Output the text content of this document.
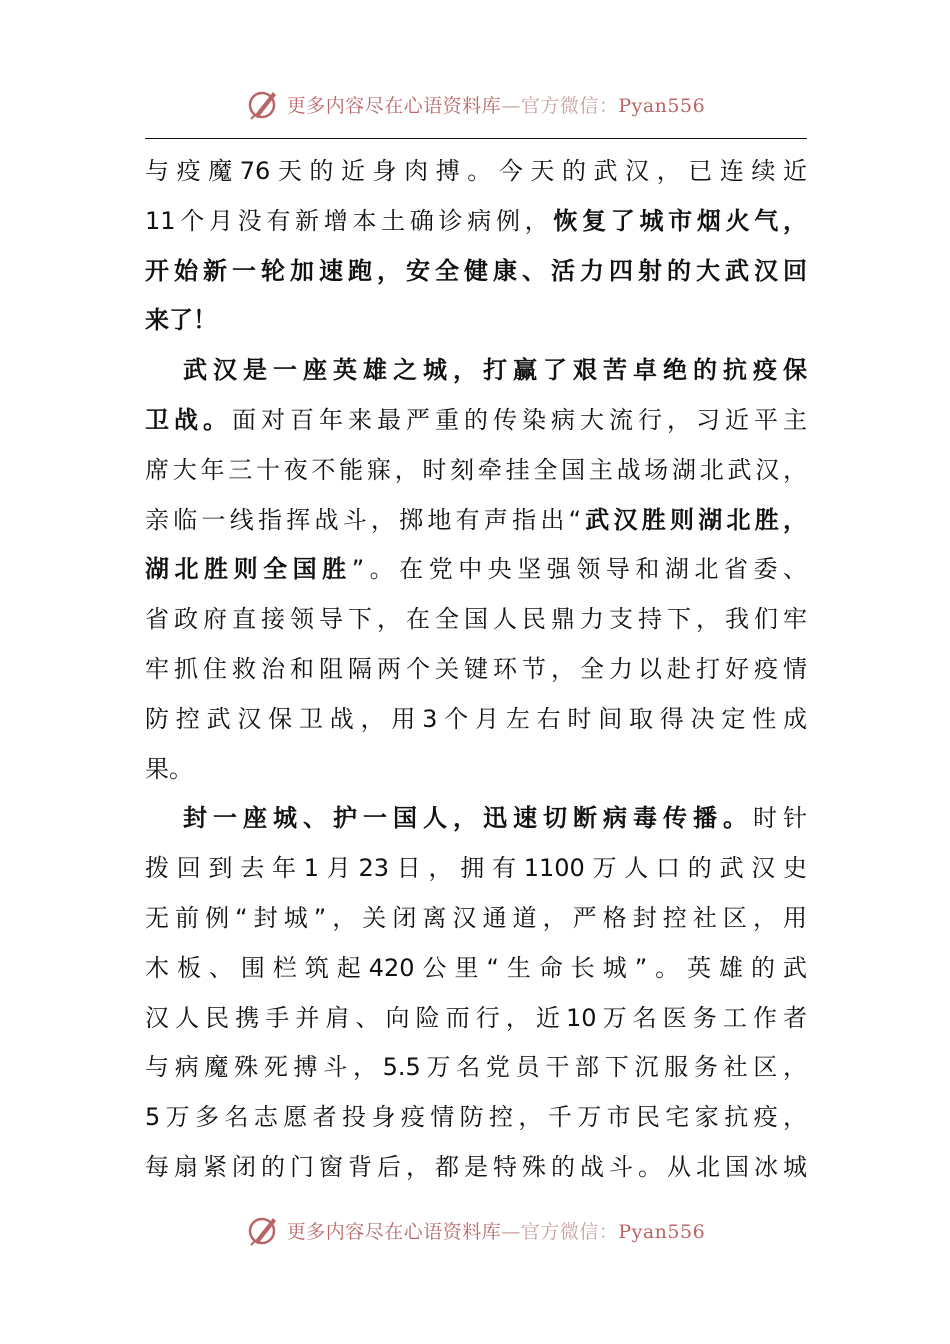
更多内容尽在心语资料库—官方微信：Pyan556
与疫魔76天的近身肉搏。今天的武汉，已连续近
11个月没有新增本土确诊病例，恢复了城市烟火气，
开始新一轮加速跑，安全健康、活力四射的大武汉回
来了！
武汉是一座英雄之城，打赢了艰苦卓绝的抗疫保
卫战。面对百年来最严重的传染病大流行，习近平主
席大年三十夜不能寐，时刻牵挂全国主战场湖北武汉，
亲临一线指挥战斗，掷地有声指出“武汉胜则湖北胜，
湖北胜则全国胜”。在党中央坚强领导和湖北省委、
省政府直接领导下，在全国人民鼎力支持下，我们牢
牢抓住救治和阻隔两个关键环节，全力以赴打好疫情
防控武汉保卫战，用3个月左右时间取得决定性成
果。
封一座城、护一国人，迅速切断病毒传播。时针
拨回到去年1月23日，拥有1100万人口的武汉史
无前例“封城”，关闭离汉通道，严格封控社区，用
木板、围栏筑起420公里“生命长城”。英雄的武
汉人民携手并肩、向险而行，近10万名医务工作者
与病魔殊死搏斗，5.5万名党员干部下沉服务社区，
5万多名志愿者投身疫情防控，千万市民宅家抗疫，
每扇紧闭的门窗背后，都是特殊的战斗。从北国冰城
更多内容尽在心语资料库—官方微信：Pyan556
